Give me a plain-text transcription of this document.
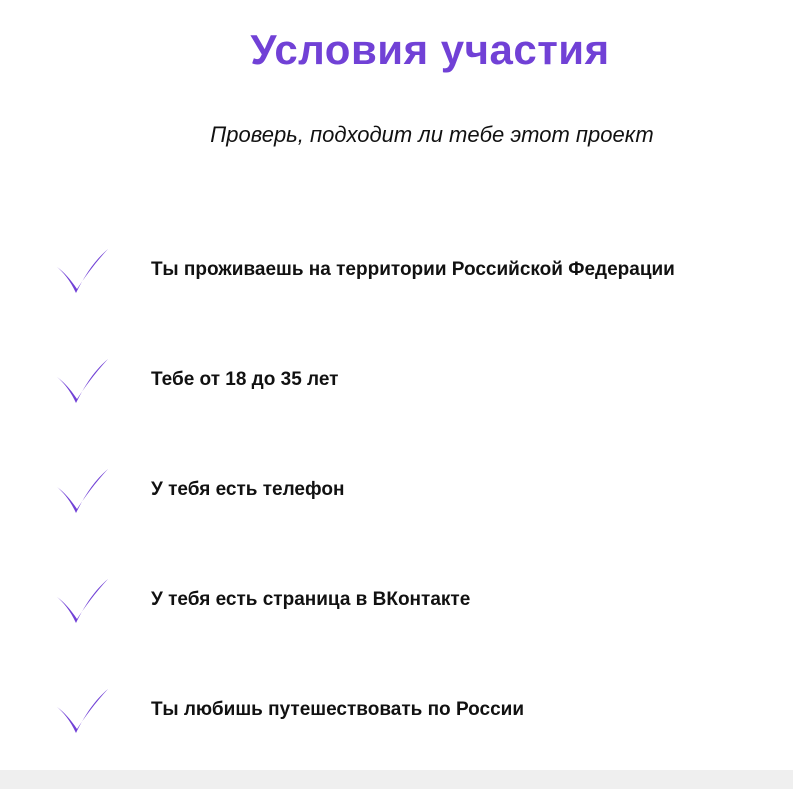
Условия участия
Проверь, подходит ли тебе этот проект
Ты проживаешь на территории Российской Федерации
Тебе от 18 до 35 лет
У тебя есть телефон
У тебя есть страница в ВКонтакте
Ты любишь путешествовать по России
